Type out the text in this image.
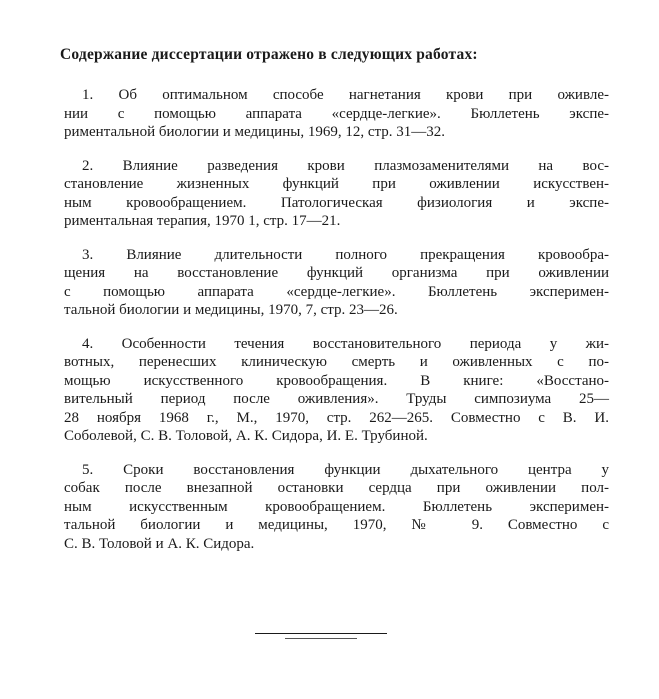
Содержание диссертации отражено в следующих работах:
1. Об оптимальном способе нагнетания крови при оживле-
нии с помощью аппарата «сердце-легкие». Бюллетень экспе-
риментальной биологии и медицины, 1969, 12, стр. 31—32.
2. Влияние разведения крови плазмозаменителями на вос-
становление жизненных функций при оживлении искусствен-
ным кровообращением. Патологическая физиология и экспе-
риментальная терапия, 1970 1, стр. 17—21.
3. Влияние длительности полного прекращения кровообра-
щения на восстановление функций организма при оживлении
с помощью аппарата «сердце-легкие». Бюллетень эксперимен-
тальной биологии и медицины, 1970, 7, стр. 23—26.
4. Особенности течения восстановительного периода у жи-
вотных, перенесших клиническую смерть и оживленных с по-
мощью искусственного кровообращения. В книге: «Восстано-
вительный период после оживления». Труды симпозиума 25—
28 ноября 1968 г., М., 1970, стр. 262—265. Совместно с В. И.
Соболевой, С. В. Толовой, А. К. Сидора, И. Е. Трубиной.
5. Сроки восстановления функции дыхательного центра у
собак после внезапной остановки сердца при оживлении пол-
ным искусственным кровообращением. Бюллетень эксперимен-
тальной биологии и медицины, 1970, № 9. Совместно с
С. В. Толовой и А. К. Сидора.
